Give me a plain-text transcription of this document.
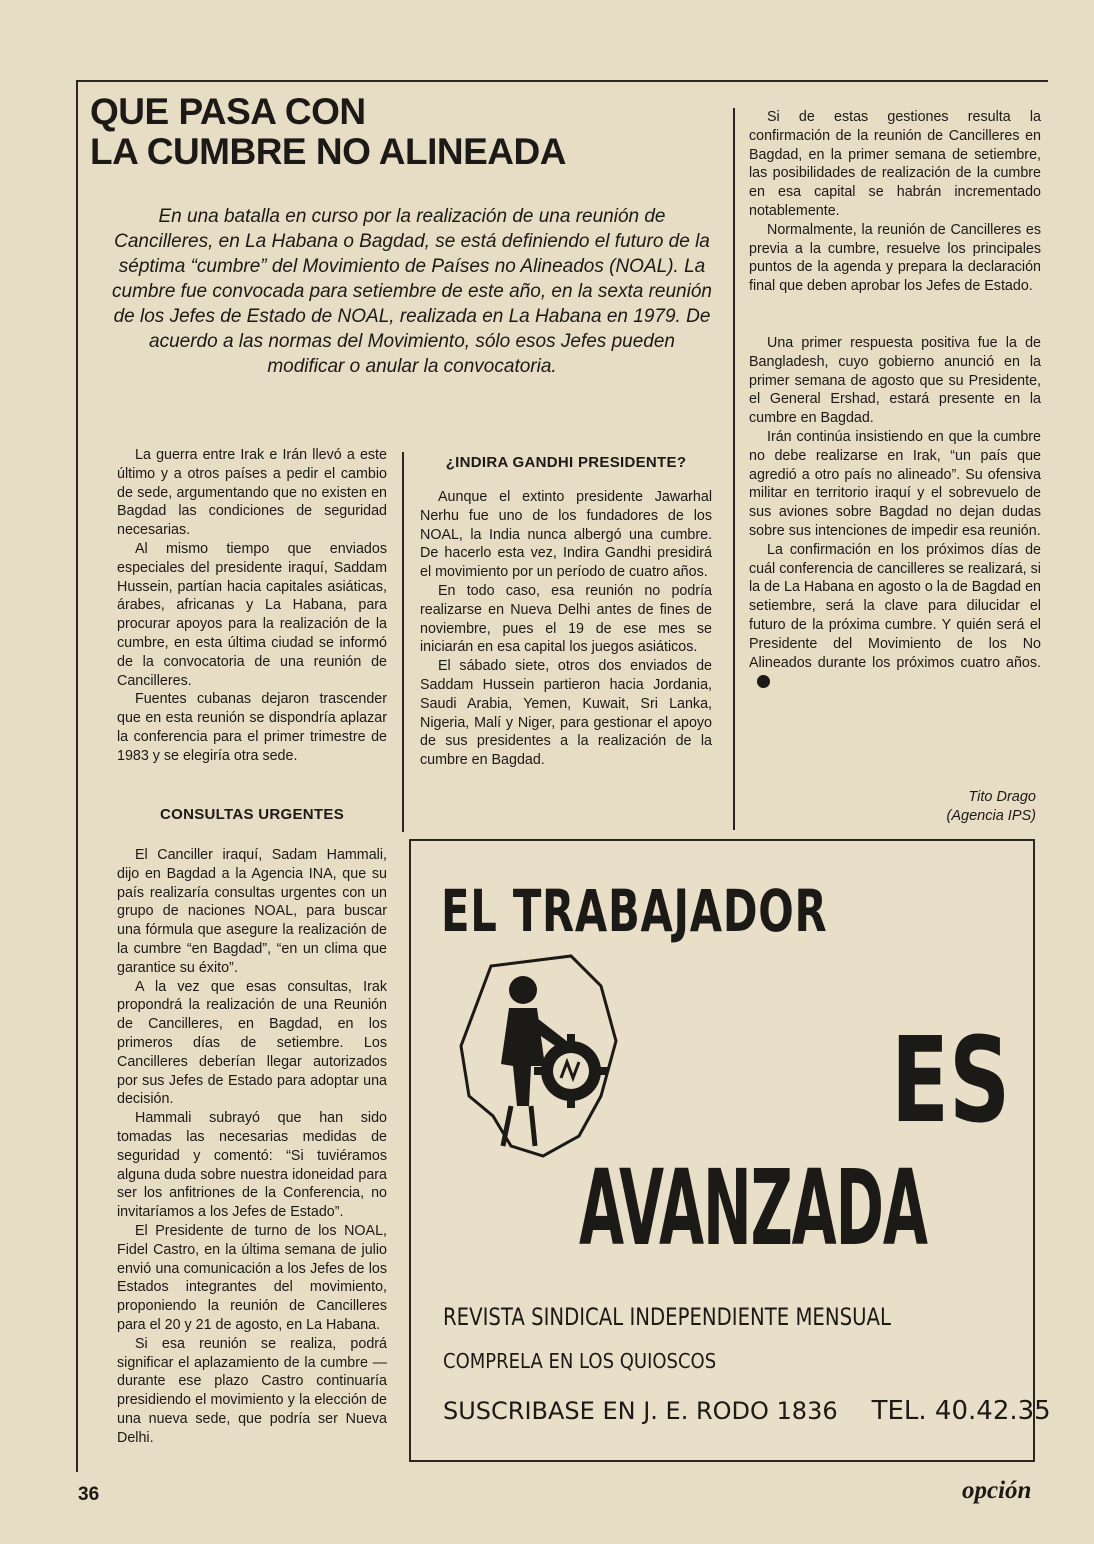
QUE PASA CON
LA CUMBRE NO ALINEADA

En una batalla en curso por la realización de una reunión de Cancilleres, en La Habana o Bagdad, se está definiendo el futuro de la séptima “cumbre” del Movimiento de Países no Alineados (NOAL). La cumbre fue convocada para setiembre de este año, en la sexta reunión de los Jefes de Estado de NOAL, realizada en La Habana en 1979. De acuerdo a las normas del Movimiento, sólo esos Jefes pueden modificar o anular la convocatoria.

La guerra entre Irak e Irán llevó a este último y a otros países a pedir el cambio de sede, argumentando que no existen en Bagdad las condiciones de seguridad necesarias.

Al mismo tiempo que enviados especiales del presidente iraquí, Saddam Hussein, partían hacia capitales asiáticas, árabes, africanas y La Habana, para procurar apoyos para la realización de la cumbre, en esta última ciudad se informó de la convocatoria de una reunión de Cancilleres.

Fuentes cubanas dejaron trascender que en esta reunión se dispondría aplazar la conferencia para el primer trimestre de 1983 y se elegiría otra sede.

CONSULTAS URGENTES

El Canciller iraquí, Sadam Hammali, dijo en Bagdad a la Agencia INA, que su país realizaría consultas urgentes con un grupo de naciones NOAL, para buscar una fórmula que asegure la realización de la cumbre “en Bagdad”, “en un clima que garantice su éxito”.

A la vez que esas consultas, Irak propondrá la realización de una Reunión de Cancilleres, en Bagdad, en los primeros días de setiembre. Los Cancilleres deberían llegar autorizados por sus Jefes de Estado para adoptar una decisión.

Hammali subrayó que han sido tomadas las necesarias medidas de seguridad y comentó: “Si tuviéramos alguna duda sobre nuestra idoneidad para ser los anfitriones de la Conferencia, no invitaríamos a los Jefes de Estado”.

El Presidente de turno de los NOAL, Fidel Castro, en la última semana de julio envió una comunicación a los Jefes de los Estados integrantes del movimiento, proponiendo la reunión de Cancilleres para el 20 y 21 de agosto, en La Habana.

Si esa reunión se realiza, podrá significar el aplazamiento de la cumbre —durante ese plazo Castro continuaría presidiendo el movimiento y la elección de una nueva sede, que podría ser Nueva Delhi.

¿INDIRA GANDHI PRESIDENTE?

Aunque el extinto presidente Jawarhal Nerhu fue uno de los fundadores de los NOAL, la India nunca albergó una cumbre. De hacerlo esta vez, Indira Gandhi presidirá el movimiento por un período de cuatro años.

En todo caso, esa reunión no podría realizarse en Nueva Delhi antes de fines de noviembre, pues el 19 de ese mes se iniciarán en esa capital los juegos asiáticos.

El sábado siete, otros dos enviados de Saddam Hussein partieron hacia Jordania, Saudi Arabia, Yemen, Kuwait, Sri Lanka, Nigeria, Malí y Niger, para gestionar el apoyo de sus presidentes a la realización de la cumbre en Bagdad.

Si de estas gestiones resulta la confirmación de la reunión de Cancilleres en Bagdad, en la primer semana de setiembre, las posibilidades de realización de la cumbre en esa capital se habrán incrementado notablemente.

Normalmente, la reunión de Cancilleres es previa a la cumbre, resuelve los principales puntos de la agenda y prepara la declaración final que deben aprobar los Jefes de Estado.

Una primer respuesta positiva fue la de Bangladesh, cuyo gobierno anunció en la primer semana de agosto que su Presidente, el General Ershad, estará presente en la cumbre en Bagdad.

Irán continúa insistiendo en que la cumbre no debe realizarse en Irak, “un país que agredió a otro país no alineado”. Su ofensiva militar en territorio iraquí y el sobrevuelo de sus aviones sobre Bagdad no dejan dudas sobre sus intenciones de impedir esa reunión.

La confirmación en los próximos días de cuál conferencia de cancilleres se realizará, si la de La Habana en agosto o la de Bagdad en setiembre, será la clave para dilucidar el futuro de la próxima cumbre. Y quién será el Presidente del Movimiento de los No Alineados durante los próximos cuatro años.

Tito Drago
(Agencia IPS)
EL TRABAJADOR
ES
AVANZADA
REVISTA SINDICAL INDEPENDIENTE MENSUAL
COMPRELA EN LOS QUIOSCOS
SUSCRIBASE EN J. E. RODO 1836 TEL. 40.42.35
36	opción
